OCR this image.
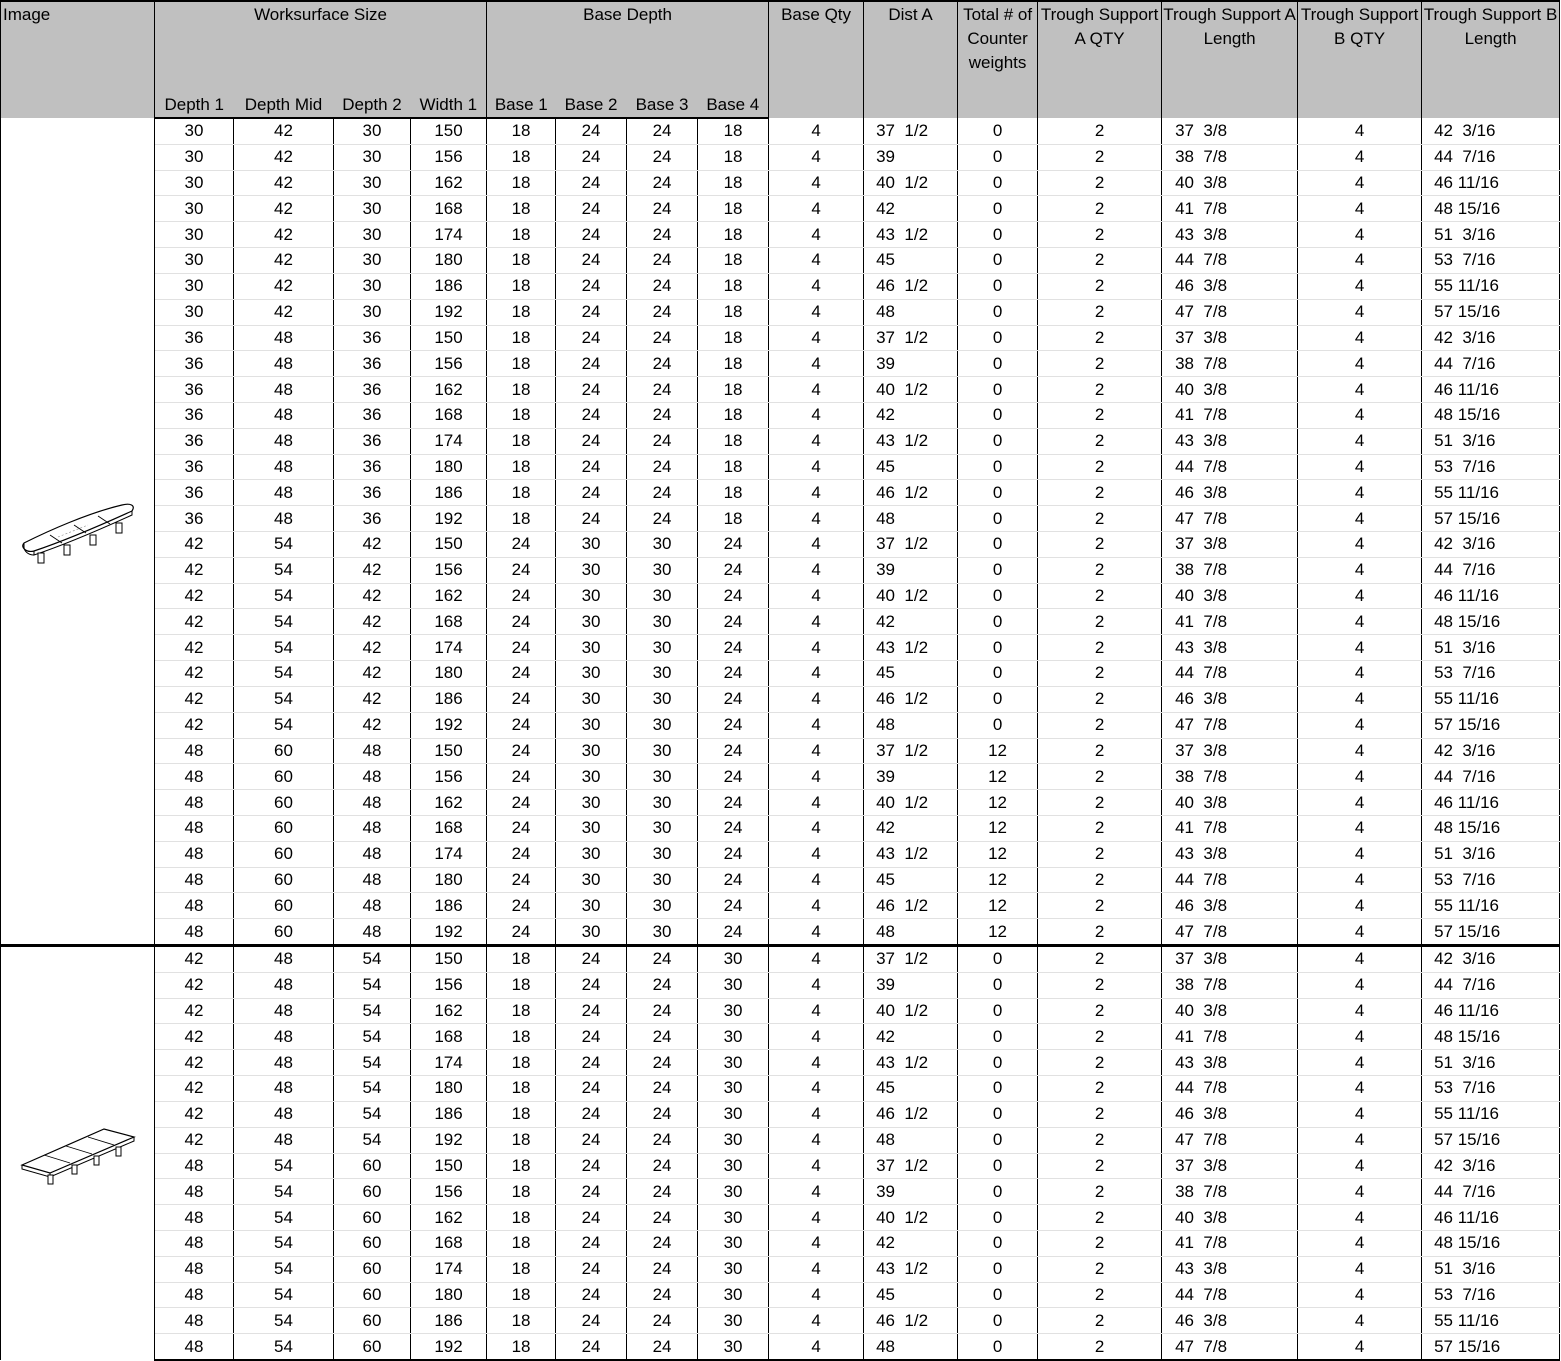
Image	Worksurface Size				Base Depth				Base Qty	Dist A	Total # of Counter weights	Trough Support A QTY	Trough Support A Length	Trough Support B QTY	Trough Support B Length
	Depth 1	Depth Mid	Depth 2	Width 1	Base 1	Base 2	Base 3	Base 4							

	30	42	30	150	18	24	24	18	4	37  1/2	0	2	37  3/8	4	42  3/16
	30	42	30	156	18	24	24	18	4	39	0	2	38  7/8	4	44  7/16
	30	42	30	162	18	24	24	18	4	40  1/2	0	2	40  3/8	4	46 11/16
	30	42	30	168	18	24	24	18	4	42	0	2	41  7/8	4	48 15/16
	30	42	30	174	18	24	24	18	4	43  1/2	0	2	43  3/8	4	51  3/16
	30	42	30	180	18	24	24	18	4	45	0	2	44  7/8	4	53  7/16
	30	42	30	186	18	24	24	18	4	46  1/2	0	2	46  3/8	4	55 11/16
	30	42	30	192	18	24	24	18	4	48	0	2	47  7/8	4	57 15/16
	36	48	36	150	18	24	24	18	4	37  1/2	0	2	37  3/8	4	42  3/16
	36	48	36	156	18	24	24	18	4	39	0	2	38  7/8	4	44  7/16
	36	48	36	162	18	24	24	18	4	40  1/2	0	2	40  3/8	4	46 11/16
	36	48	36	168	18	24	24	18	4	42	0	2	41  7/8	4	48 15/16
	36	48	36	174	18	24	24	18	4	43  1/2	0	2	43  3/8	4	51  3/16
	36	48	36	180	18	24	24	18	4	45	0	2	44  7/8	4	53  7/16
	36	48	36	186	18	24	24	18	4	46  1/2	0	2	46  3/8	4	55 11/16
	36	48	36	192	18	24	24	18	4	48	0	2	47  7/8	4	57 15/16
	42	54	42	150	24	30	30	24	4	37  1/2	0	2	37  3/8	4	42  3/16
	42	54	42	156	24	30	30	24	4	39	0	2	38  7/8	4	44  7/16
	42	54	42	162	24	30	30	24	4	40  1/2	0	2	40  3/8	4	46 11/16
	42	54	42	168	24	30	30	24	4	42	0	2	41  7/8	4	48 15/16
	42	54	42	174	24	30	30	24	4	43  1/2	0	2	43  3/8	4	51  3/16
	42	54	42	180	24	30	30	24	4	45	0	2	44  7/8	4	53  7/16
	42	54	42	186	24	30	30	24	4	46  1/2	0	2	46  3/8	4	55 11/16
	42	54	42	192	24	30	30	24	4	48	0	2	47  7/8	4	57 15/16
	48	60	48	150	24	30	30	24	4	37  1/2	12	2	37  3/8	4	42  3/16
	48	60	48	156	24	30	30	24	4	39	12	2	38  7/8	4	44  7/16
	48	60	48	162	24	30	30	24	4	40  1/2	12	2	40  3/8	4	46 11/16
	48	60	48	168	24	30	30	24	4	42	12	2	41  7/8	4	48 15/16
	48	60	48	174	24	30	30	24	4	43  1/2	12	2	43  3/8	4	51  3/16
	48	60	48	180	24	30	30	24	4	45	12	2	44  7/8	4	53  7/16
	48	60	48	186	24	30	30	24	4	46  1/2	12	2	46  3/8	4	55 11/16
	48	60	48	192	24	30	30	24	4	48	12	2	47  7/8	4	57 15/16

	42	48	54	150	18	24	24	30	4	37  1/2	0	2	37  3/8	4	42  3/16
	42	48	54	156	18	24	24	30	4	39	0	2	38  7/8	4	44  7/16
	42	48	54	162	18	24	24	30	4	40  1/2	0	2	40  3/8	4	46 11/16
	42	48	54	168	18	24	24	30	4	42	0	2	41  7/8	4	48 15/16
	42	48	54	174	18	24	24	30	4	43  1/2	0	2	43  3/8	4	51  3/16
	42	48	54	180	18	24	24	30	4	45	0	2	44  7/8	4	53  7/16
	42	48	54	186	18	24	24	30	4	46  1/2	0	2	46  3/8	4	55 11/16
	42	48	54	192	18	24	24	30	4	48	0	2	47  7/8	4	57 15/16
	48	54	60	150	18	24	24	30	4	37  1/2	0	2	37  3/8	4	42  3/16
	48	54	60	156	18	24	24	30	4	39	0	2	38  7/8	4	44  7/16
	48	54	60	162	18	24	24	30	4	40  1/2	0	2	40  3/8	4	46 11/16
	48	54	60	168	18	24	24	30	4	42	0	2	41  7/8	4	48 15/16
	48	54	60	174	18	24	24	30	4	43  1/2	0	2	43  3/8	4	51  3/16
	48	54	60	180	18	24	24	30	4	45	0	2	44  7/8	4	53  7/16
	48	54	60	186	18	24	24	30	4	46  1/2	0	2	46  3/8	4	55 11/16
	48	54	60	192	18	24	24	30	4	48	0	2	47  7/8	4	57 15/16
